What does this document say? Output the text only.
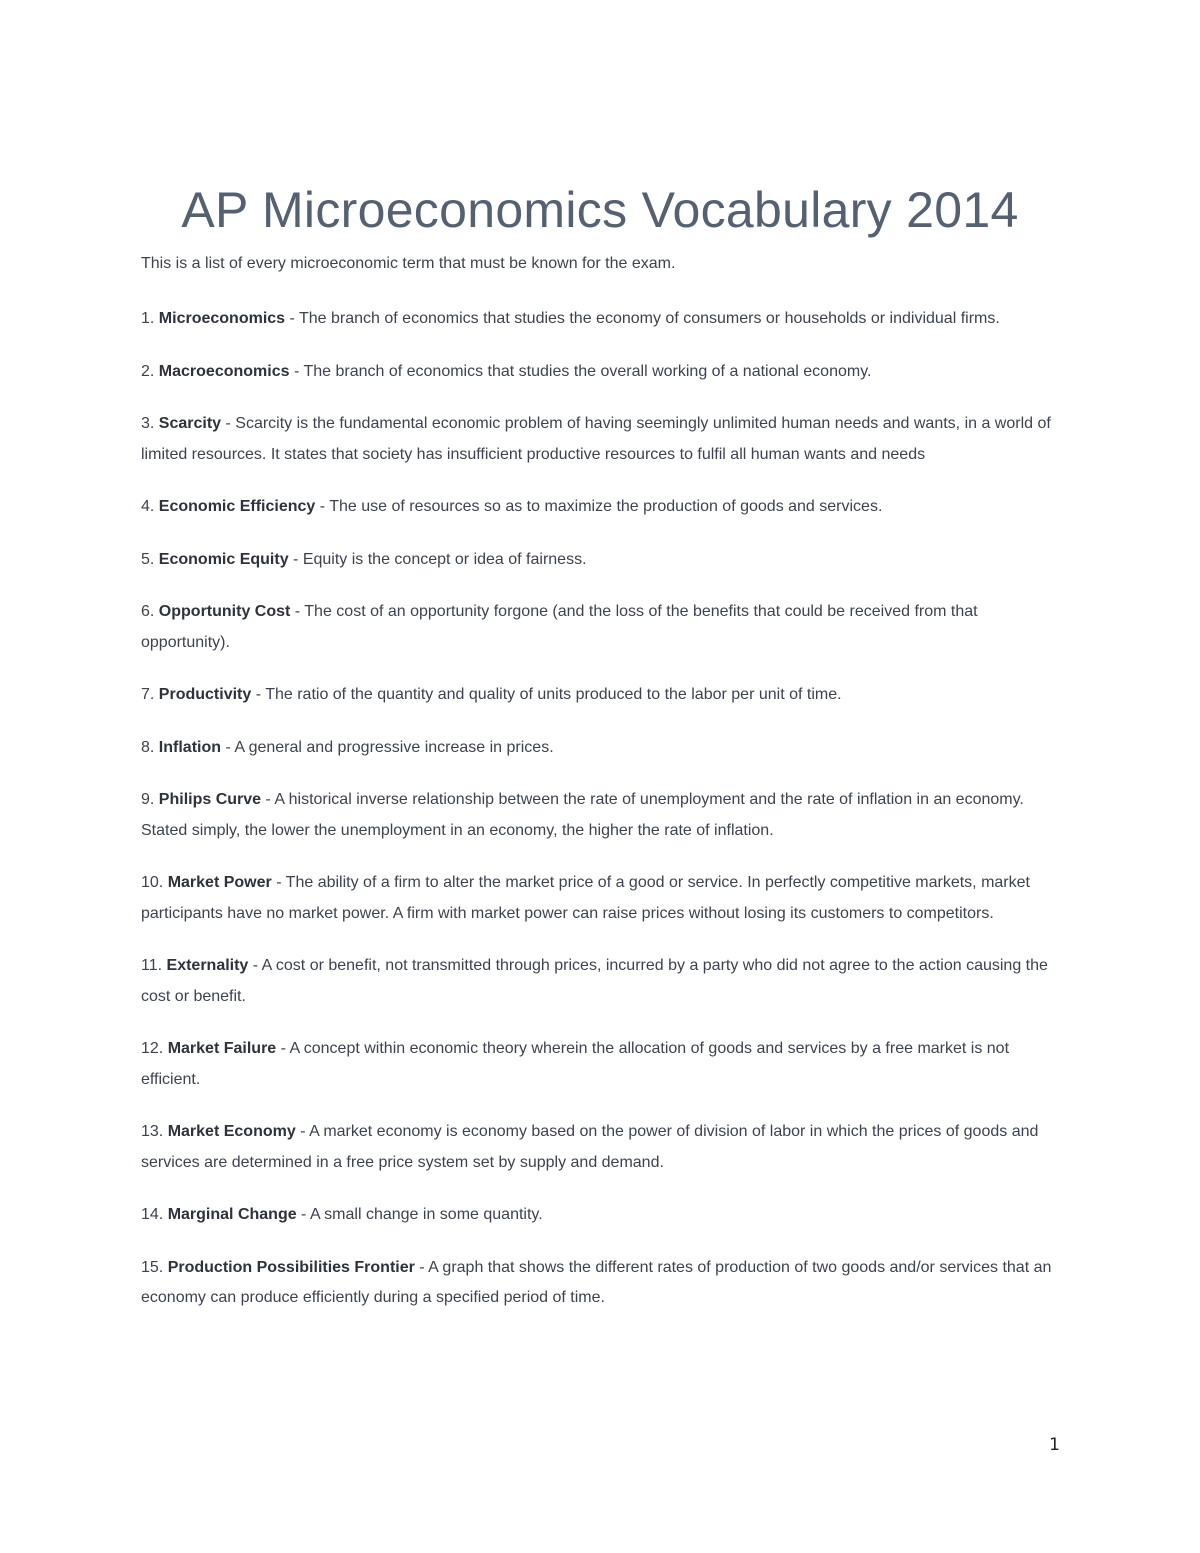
AP Microeconomics Vocabulary 2014

This is a list of every microeconomic term that must be known for the exam.

1. Microeconomics - The branch of economics that studies the economy of consumers or households or individual firms.
2. Macroeconomics - The branch of economics that studies the overall working of a national economy.
3. Scarcity - Scarcity is the fundamental economic problem of having seemingly unlimited human needs and wants, in a world of limited resources. It states that society has insufficient productive resources to fulfil all human wants and needs
4. Economic Efficiency - The use of resources so as to maximize the production of goods and services.
5. Economic Equity - Equity is the concept or idea of fairness.
6. Opportunity Cost - The cost of an opportunity forgone (and the loss of the benefits that could be received from that opportunity).
7. Productivity - The ratio of the quantity and quality of units produced to the labor per unit of time.
8. Inflation - A general and progressive increase in prices.
9. Philips Curve - A historical inverse relationship between the rate of unemployment and the rate of inflation in an economy. Stated simply, the lower the unemployment in an economy, the higher the rate of inflation.
10. Market Power - The ability of a firm to alter the market price of a good or service. In perfectly competitive markets, market participants have no market power. A firm with market power can raise prices without losing its customers to competitors.
11. Externality - A cost or benefit, not transmitted through prices, incurred by a party who did not agree to the action causing the cost or benefit.
12. Market Failure - A concept within economic theory wherein the allocation of goods and services by a free market is not efficient.
13. Market Economy - A market economy is economy based on the power of division of labor in which the prices of goods and services are determined in a free price system set by supply and demand.
14. Marginal Change - A small change in some quantity.
15. Production Possibilities Frontier - A graph that shows the different rates of production of two goods and/or services that an economy can produce efficiently during a specified period of time.
1
